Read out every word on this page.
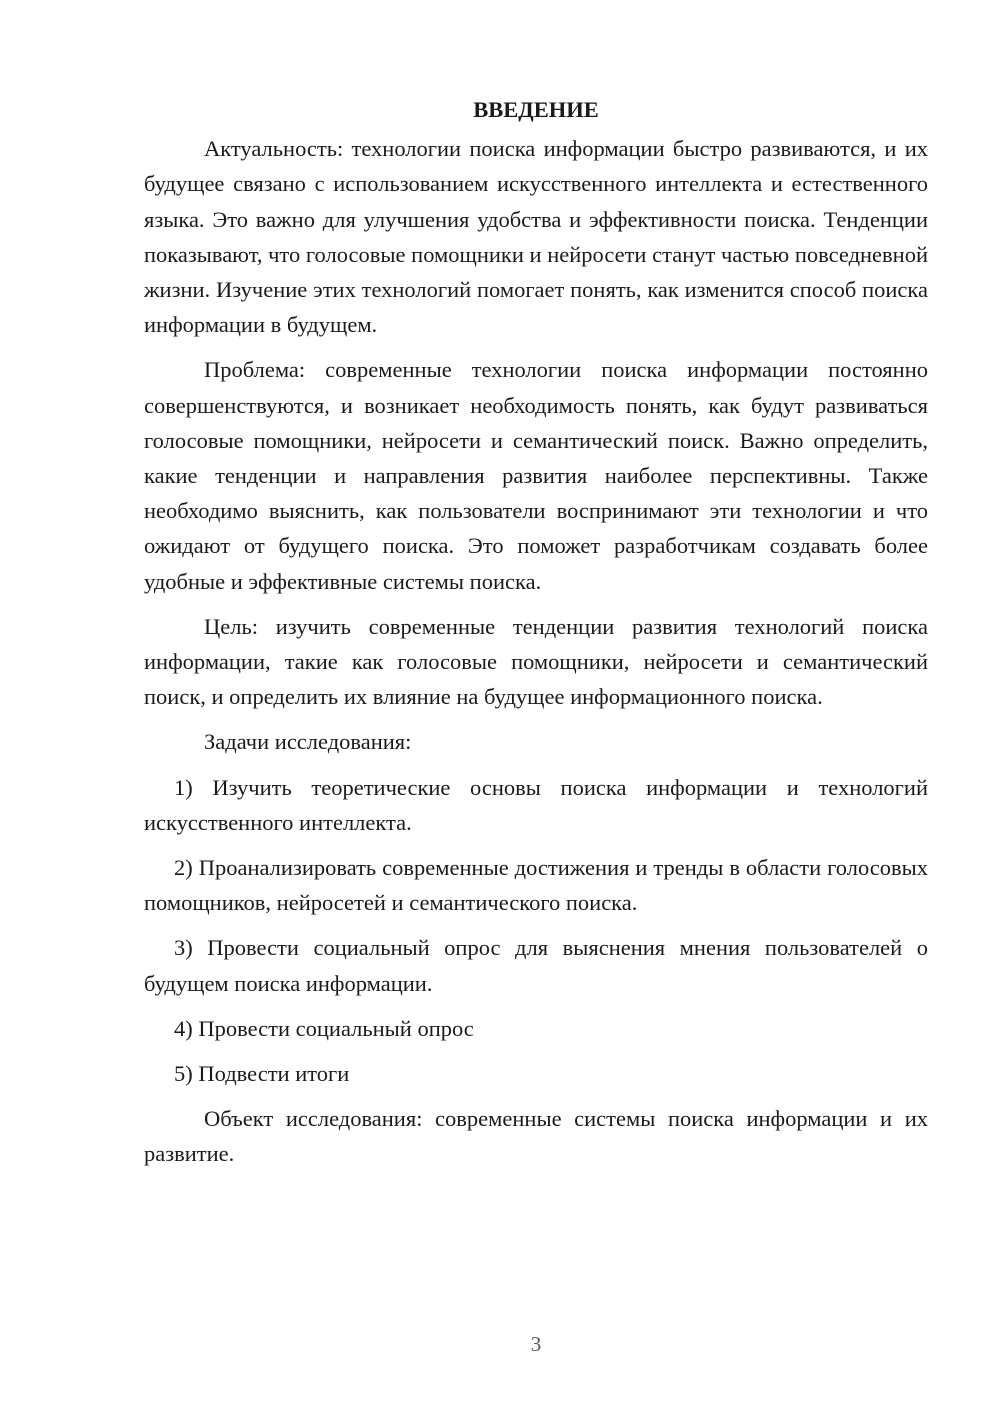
ВВЕДЕНИЕ

Актуальность: технологии поиска информации быстро развиваются, и их будущее связано с использованием искусственного интеллекта и естественного языка. Это важно для улучшения удобства и эффективности поиска. Тенденции показывают, что голосовые помощники и нейросети станут частью повседневной жизни. Изучение этих технологий помогает понять, как изменится способ поиска информации в будущем.

Проблема: современные технологии поиска информации постоянно совершенствуются, и возникает необходимость понять, как будут развиваться голосовые помощники, нейросети и семантический поиск. Важно определить, какие тенденции и направления развития наиболее перспективны. Также необходимо выяснить, как пользователи воспринимают эти технологии и что ожидают от будущего поиска. Это поможет разработчикам создавать более удобные и эффективные системы поиска.

Цель: изучить современные тенденции развития технологий поиска информации, такие как голосовые помощники, нейросети и семантический поиск, и определить их влияние на будущее информационного поиска.

Задачи исследования:

1) Изучить теоретические основы поиска информации и технологий искусственного интеллекта.

2) Проанализировать современные достижения и тренды в области голосовых помощников, нейросетей и семантического поиска.

3) Провести социальный опрос для выяснения мнения пользователей о будущем поиска информации.

4) Провести социальный опрос

5) Подвести итоги

Объект исследования: современные системы поиска информации и их развитие.

3
